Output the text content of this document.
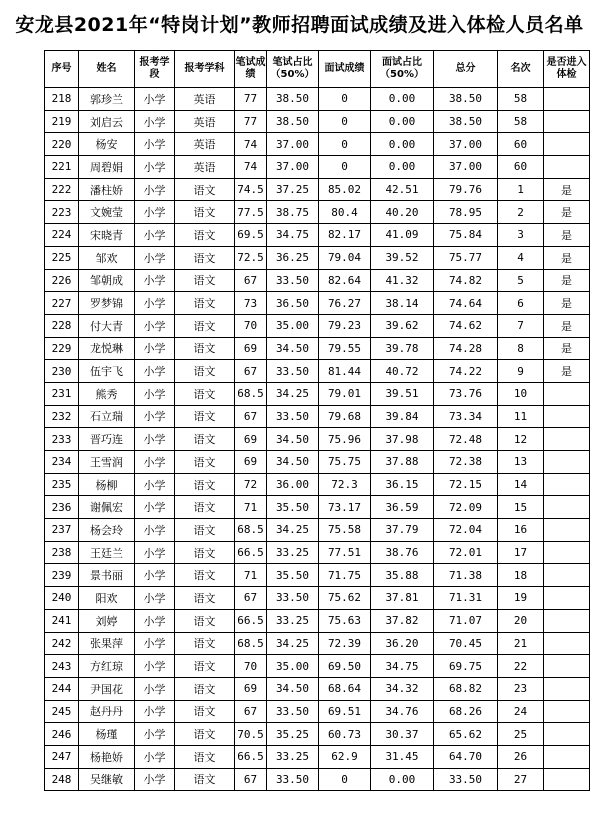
安龙县2021年“特岗计划”教师招聘面试成绩及进入体检人员名单
序号	姓名	报考学段	报考学科	笔试成绩	笔试占比（50%）	面试成绩	面试占比（50%）	总分	名次	是否进入体检
218	郭珍兰	小学	英语	77	38.50	0	0.00	38.50	58	
219	刘启云	小学	英语	77	38.50	0	0.00	38.50	58	
220	杨安	小学	英语	74	37.00	0	0.00	37.00	60	
221	周碧娟	小学	英语	74	37.00	0	0.00	37.00	60	
222	潘柱娇	小学	语文	74.5	37.25	85.02	42.51	79.76	1	是
223	文婉莹	小学	语文	77.5	38.75	80.4	40.20	78.95	2	是
224	宋晓青	小学	语文	69.5	34.75	82.17	41.09	75.84	3	是
225	邹欢	小学	语文	72.5	36.25	79.04	39.52	75.77	4	是
226	邹朝成	小学	语文	67	33.50	82.64	41.32	74.82	5	是
227	罗梦锦	小学	语文	73	36.50	76.27	38.14	74.64	6	是
228	付大青	小学	语文	70	35.00	79.23	39.62	74.62	7	是
229	龙悦琳	小学	语文	69	34.50	79.55	39.78	74.28	8	是
230	伍宇飞	小学	语文	67	33.50	81.44	40.72	74.22	9	是
231	熊秀	小学	语文	68.5	34.25	79.01	39.51	73.76	10	
232	石立瑞	小学	语文	67	33.50	79.68	39.84	73.34	11	
233	晋巧连	小学	语文	69	34.50	75.96	37.98	72.48	12	
234	王雪润	小学	语文	69	34.50	75.75	37.88	72.38	13	
235	杨柳	小学	语文	72	36.00	72.3	36.15	72.15	14	
236	谢佩宏	小学	语文	71	35.50	73.17	36.59	72.09	15	
237	杨会玲	小学	语文	68.5	34.25	75.58	37.79	72.04	16	
238	王廷兰	小学	语文	66.5	33.25	77.51	38.76	72.01	17	
239	景书丽	小学	语文	71	35.50	71.75	35.88	71.38	18	
240	阳欢	小学	语文	67	33.50	75.62	37.81	71.31	19	
241	刘婷	小学	语文	66.5	33.25	75.63	37.82	71.07	20	
242	张果萍	小学	语文	68.5	34.25	72.39	36.20	70.45	21	
243	方红琼	小学	语文	70	35.00	69.50	34.75	69.75	22	
244	尹国花	小学	语文	69	34.50	68.64	34.32	68.82	23	
245	赵丹丹	小学	语文	67	33.50	69.51	34.76	68.26	24	
246	杨瑾	小学	语文	70.5	35.25	60.73	30.37	65.62	25	
247	杨艳娇	小学	语文	66.5	33.25	62.9	31.45	64.70	26	
248	吴继敏	小学	语文	67	33.50	0	0.00	33.50	27	
